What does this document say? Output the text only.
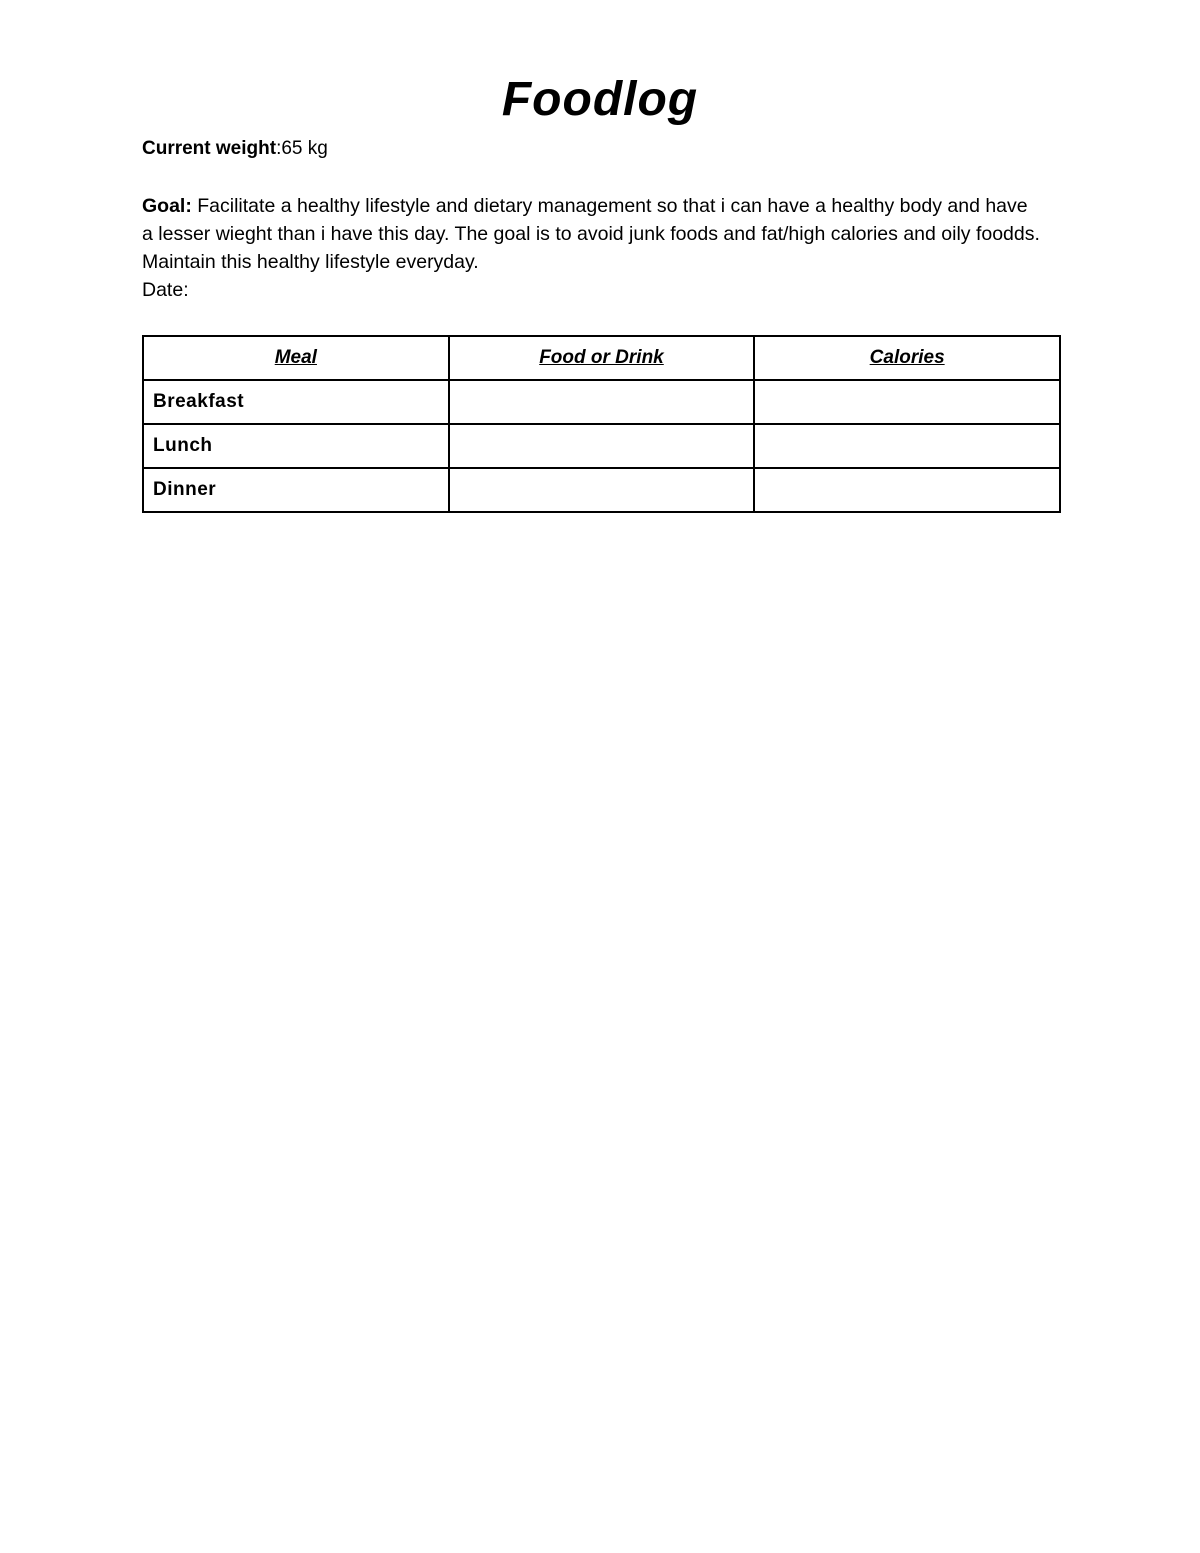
Foodlog
Current weight:65 kg
Goal: Facilitate a healthy lifestyle and dietary management so that i can have a healthy body and have a lesser wieght than i have this day. The goal is to avoid junk foods and fat/high calories and oily foodds. Maintain this healthy lifestyle everyday.
Date:
Meal	Food or Drink	Calories
Breakfast		
Lunch		
Dinner		
